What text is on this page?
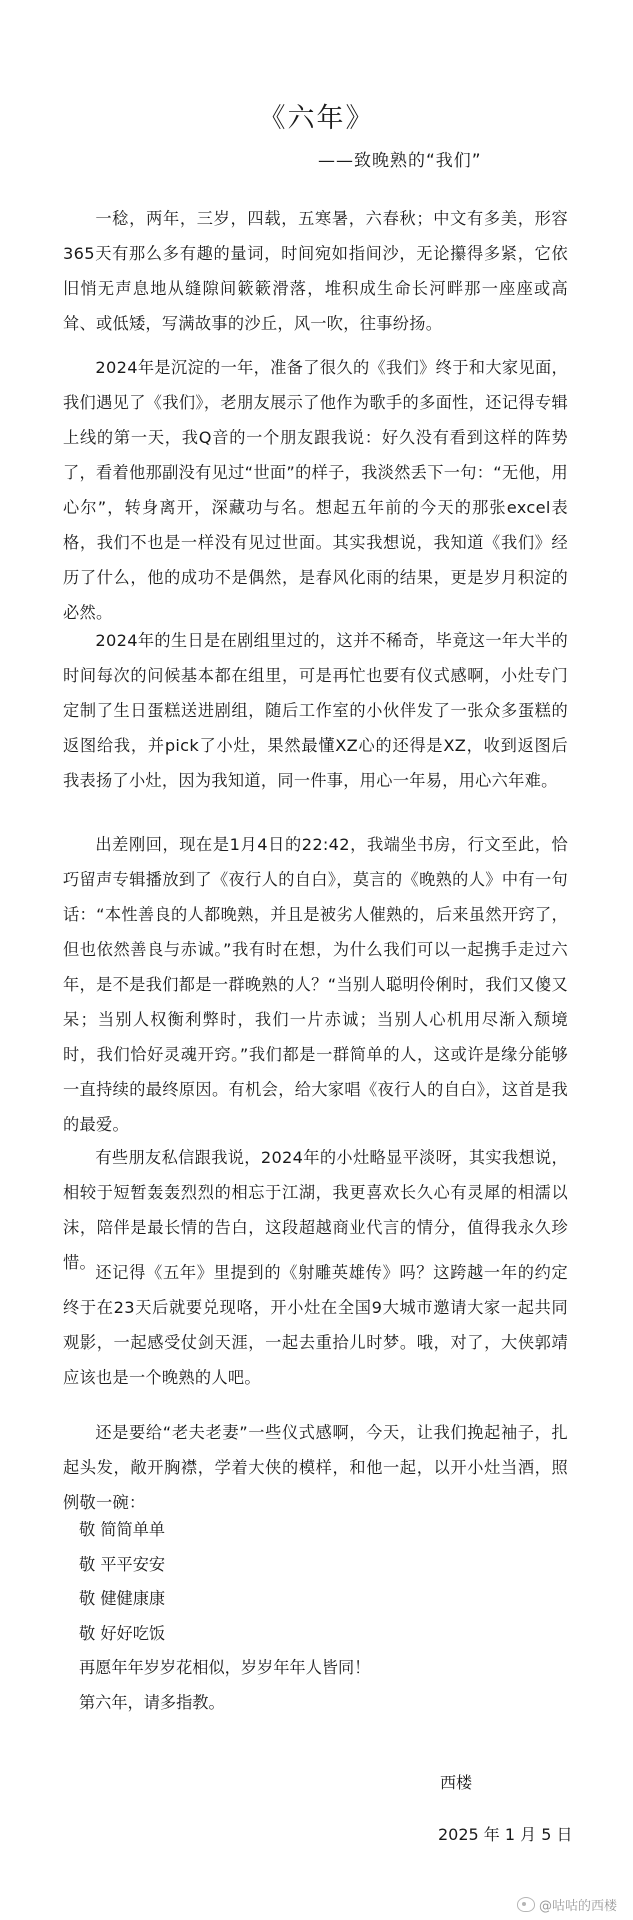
《六年》

——致晚熟的“我们”

一稔，两年，三岁，四载，五寒暑，六春秋；中文有多美，形容365天有那么多有趣的量词，时间宛如指间沙，无论攥得多紧，它依旧悄无声息地从缝隙间簌簌滑落，堆积成生命长河畔那一座座或高耸、或低矮，写满故事的沙丘，风一吹，往事纷扬。

2024年是沉淀的一年，准备了很久的《我们》终于和大家见面，我们遇见了《我们》，老朋友展示了他作为歌手的多面性，还记得专辑上线的第一天，我Q音的一个朋友跟我说：好久没有看到这样的阵势了，看着他那副没有见过“世面”的样子，我淡然丢下一句：“无他，用心尔”，转身离开，深藏功与名。想起五年前的今天的那张excel表格，我们不也是一样没有见过世面。其实我想说，我知道《我们》经历了什么，他的成功不是偶然，是春风化雨的结果，更是岁月积淀的必然。

2024年的生日是在剧组里过的，这并不稀奇，毕竟这一年大半的时间每次的问候基本都在组里，可是再忙也要有仪式感啊，小灶专门定制了生日蛋糕送进剧组，随后工作室的小伙伴发了一张众多蛋糕的返图给我，并pick了小灶，果然最懂XZ心的还得是XZ，收到返图后我表扬了小灶，因为我知道，同一件事，用心一年易，用心六年难。

出差刚回，现在是1月4日的22:42，我端坐书房，行文至此，恰巧留声专辑播放到了《夜行人的自白》，莫言的《晚熟的人》中有一句话：“本性善良的人都晚熟，并且是被劣人催熟的，后来虽然开窍了，但也依然善良与赤诚。”我有时在想，为什么我们可以一起携手走过六年，是不是我们都是一群晚熟的人？“当别人聪明伶俐时，我们又傻又呆；当别人权衡利弊时，我们一片赤诚；当别人心机用尽渐入颓境时，我们恰好灵魂开窍。”我们都是一群简单的人，这或许是缘分能够一直持续的最终原因。有机会，给大家唱《夜行人的自白》，这首是我的最爱。

有些朋友私信跟我说，2024年的小灶略显平淡呀，其实我想说，相较于短暂轰轰烈烈的相忘于江湖，我更喜欢长久心有灵犀的相濡以沫，陪伴是最长情的告白，这段超越商业代言的情分，值得我永久珍惜。

还记得《五年》里提到的《射雕英雄传》吗？这跨越一年的约定终于在23天后就要兑现咯，开小灶在全国9大城市邀请大家一起共同观影，一起感受仗剑天涯，一起去重拾儿时梦。哦，对了，大侠郭靖应该也是一个晚熟的人吧。

还是要给“老夫老妻”一些仪式感啊，今天，让我们挽起袖子，扎起头发，敞开胸襟，学着大侠的模样，和他一起，以开小灶当酒，照例敬一碗：

敬 简简单单
敬 平平安安
敬 健健康康
敬 好好吃饭
再愿年年岁岁花相似，岁岁年年人皆同！
第六年，请多指教。

西楼

2025 年 1 月 5 日

@咕咕的西楼
